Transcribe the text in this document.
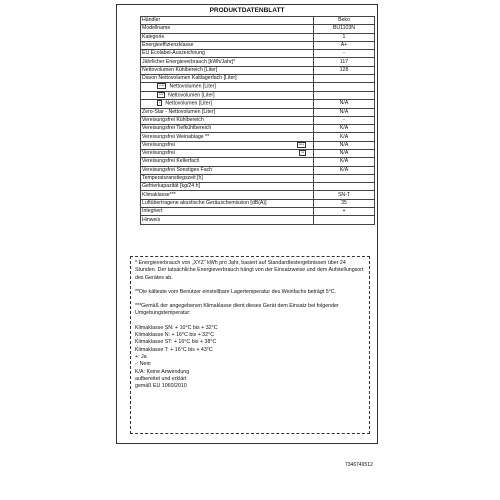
PRODUKTDATENBLATT
Händler	Beko
Modellname	BU1103N
Kategorie	1
Energieeffizienzklasse	A+
EU Ecolabel-Auszeichnung	-
Jährlicher Energieverbrauch [kWh/Jahr]*	117
Nettovolumen Kühlbereich [Liter]	128
Davon Nettovolumen Kaltlagerfach [Liter]	
**** Nettovolumen [Liter]	
*** Nettovolumen [Liter]	
* Nettovolumen [Liter]	N/A
Zero-Star - Nettovolumen [Liter]	N/A
Vereisungsfrei Kühlbereich	-
Vereisungsfrei Tiefkühlbereich	K/A
Vereisungsfrei Weinablage **	K/A
Vereisungsfrei ****	N/A
Vereisungsfrei **	N/A
Vereisungsfrei Kellerfach	K/A
Vereisungsfrei Sonstiges Fach	K/A
Temperaturanstiegszeit [h]	
Gefrierkapazität [kg/24 h]	
Klimaklasse***	SN-T
Luftübertragene akustische Geräuschemission [dB(A)]	35
Integriert	+
Hinweis	

* Energieverbrauch von „XYZ“ kWh pro Jahr, basiert auf Standardtestergebnissen über 24 Stunden. Der tatsächliche Energieverbrauch hängt von der Einsatzweise und dem Aufstellungsort des Gerätes ab.

**Die kälteste vom Benutzer einstellbare Lagertemperatur des Weinfachs beträgt 5°C.

***Gemäß der angegebenen Klimaklasse dient dieses Gerät dem Einsatz bei folgender Umgebungstemperatur:

Klimaklasse SN: + 10°C bis + 32°C

Klimaklasse N: + 16°C bis + 32°C

Klimaklasse ST: + 16°C bis + 38°C

Klimaklasse T: + 16°C bis + 43°C

+: Ja

-: Nein

K/A: Keine Anwendung

aufbereitet und erklärt

gemäß EU 1060/2010

7346749512
